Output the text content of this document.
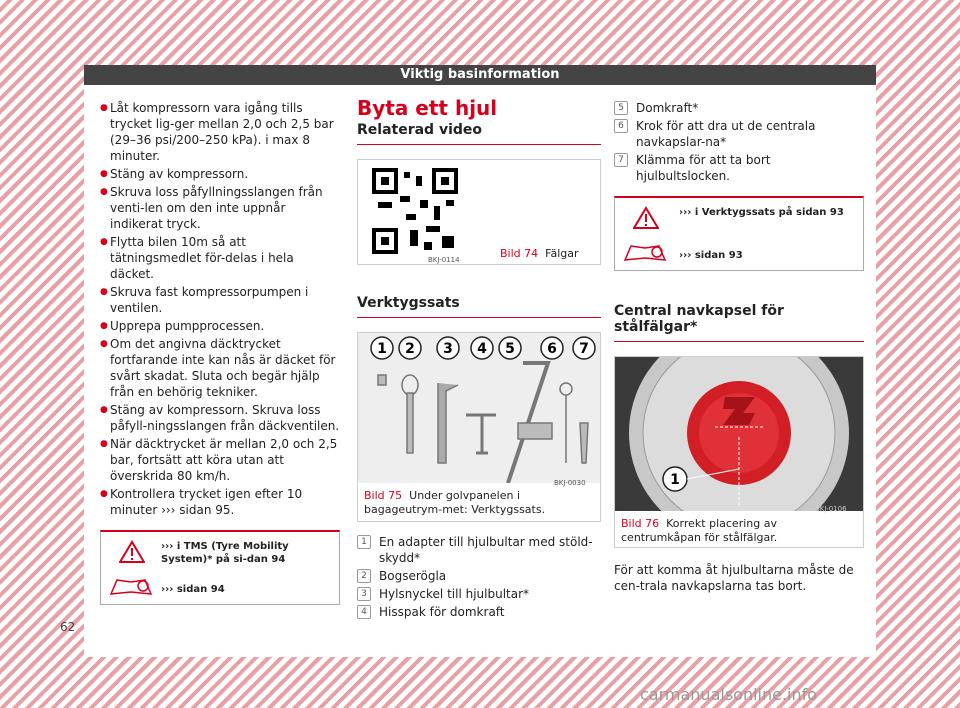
Viktig basinformation
● Låt kompressorn vara igång tills trycket lig-ger mellan 2,0 och 2,5 bar (29–36 psi/200–250 kPa). i max 8 minuter.
● Stäng av kompressorn.
● Skruva loss påfyllningsslangen från venti-len om den inte uppnår indikerat tryck.
● Flytta bilen 10m så att tätningsmedlet för-delas i hela däcket.
● Skruva fast kompressorpumpen i ventilen.
● Upprepa pumpprocessen.
● Om det angivna däcktrycket fortfarande inte kan nås är däcket för svårt skadat. Sluta och begär hjälp från en behörig tekniker.
● Stäng av kompressorn. Skruva loss påfyll-ningsslangen från däckventilen.
● När däcktrycket är mellan 2,0 och 2,5 bar, fortsätt att köra utan att överskrida 80 km/h.
● Kontrollera trycket igen efter 10 minuter ››› sidan 95.
››› i TMS (Tyre Mobility System)* på si-dan 94
››› sidan 94
Byta ett hjul
Relaterad video
BKJ-0114	Bild 74 Fälgar
Verktygssats
1 2 3 4 5 6 7
BKJ-0030
Bild 75 Under golvpanelen i bagageutrym-met: Verktygssats.
1	En adapter till hjulbultar med stöld-skydd*
2	Bogserögla
3	Hylsnyckel till hjulbultar*
4	Hisspak för domkraft
5	Domkraft*
6	Krok för att dra ut de centrala navkapslar-na*
7	Klämma för att ta bort hjulbultslocken.
››› i Verktygssats på sidan 93
››› sidan 93
Central navkapsel för stålfälgar*
1
BKJ-0106
Bild 76 Korrekt placering av centrumkåpan för stålfälgar.
För att komma åt hjulbultarna måste de cen-trala navkapslarna tas bort.
62
carmanualsonline.info
